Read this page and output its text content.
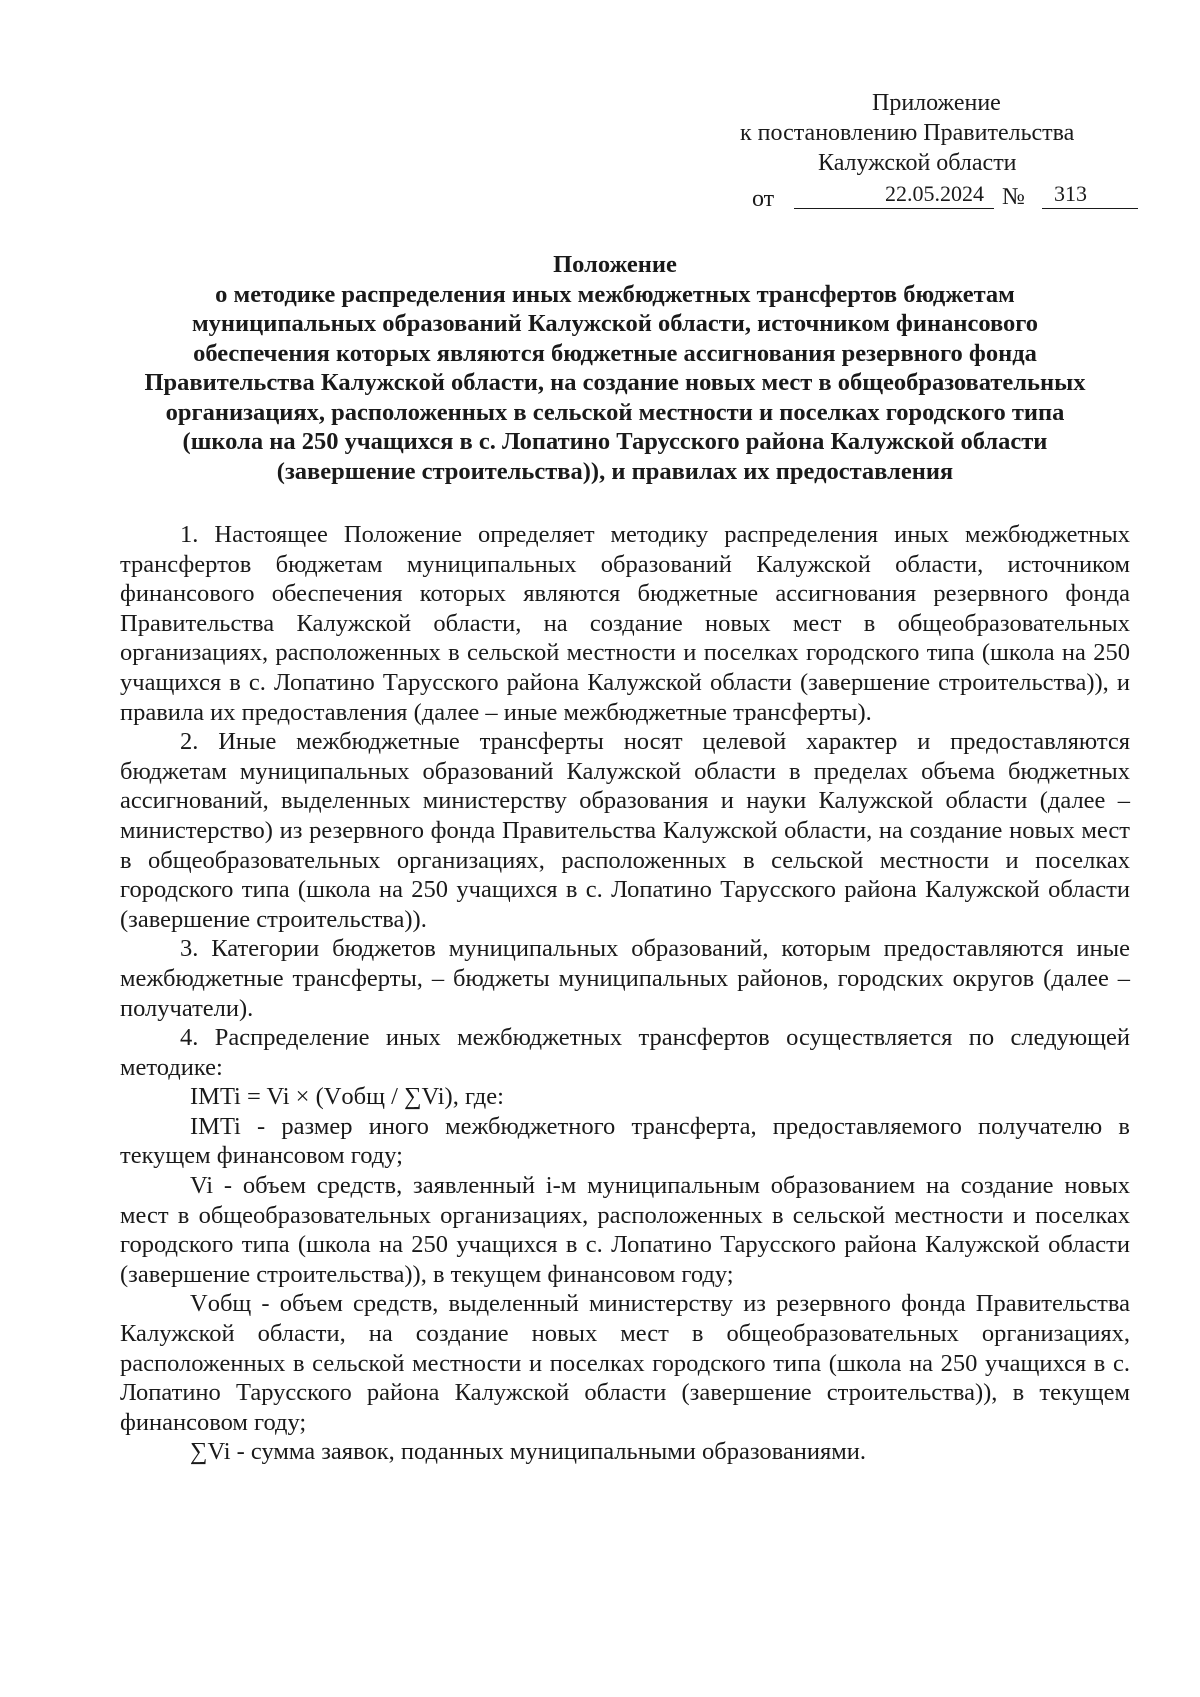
Приложение
к постановлению Правительства
Калужской области
от	22.05.2024 №	313
Положение
о методике распределения иных межбюджетных трансфертов бюджетам
муниципальных образований Калужской области, источником финансового
обеспечения которых являются бюджетные ассигнования резервного фонда
Правительства Калужской области, на создание новых мест в общеобразовательных
организациях, расположенных в сельской местности и поселках городского типа
(школа на 250 учащихся в с. Лопатино Тарусского района Калужской области
(завершение строительства)), и правилах их предоставления

1. Настоящее Положение определяет методику распределения иных межбюджетных трансфертов бюджетам муниципальных образований Калужской области, источником финансового обеспечения которых являются бюджетные ассигнования резервного фонда Правительства Калужской области, на создание новых мест в общеобразовательных организациях, расположенных в сельской местности и поселках городского типа (школа на 250 учащихся в с. Лопатино Тарусского района Калужской области (завершение строительства)), и правила их предоставления (далее – иные межбюджетные трансферты).

2. Иные межбюджетные трансферты носят целевой характер и предоставляются бюджетам муниципальных образований Калужской области в пределах объема бюджетных ассигнований, выделенных министерству образования и науки Калужской области (далее – министерство) из резервного фонда Правительства Калужской области, на создание новых мест в общеобразовательных организациях, расположенных в сельской местности и поселках городского типа (школа на 250 учащихся в с. Лопатино Тарусского района Калужской области (завершение строительства)).

3. Категории бюджетов муниципальных образований, которым предоставляются иные межбюджетные трансферты, – бюджеты муниципальных районов, городских округов (далее – получатели).

4. Распределение иных межбюджетных трансфертов осуществляется по следующей методике:

IMTi = Vi × (Vобщ / ∑Vi), где:

IMTi - размер иного межбюджетного трансферта, предоставляемого получателю в текущем финансовом году;

Vi - объем средств, заявленный i-м муниципальным образованием на создание новых мест в общеобразовательных организациях, расположенных в сельской местности и поселках городского типа (школа на 250 учащихся в с. Лопатино Тарусского района Калужской области (завершение строительства)), в текущем финансовом году;

Vобщ - объем средств, выделенный министерству из резервного фонда Правительства Калужской области, на создание новых мест в общеобразовательных организациях, расположенных в сельской местности и поселках городского типа (школа на 250 учащихся в с. Лопатино Тарусского района Калужской области (завершение строительства)), в текущем финансовом году;

∑Vi - сумма заявок, поданных муниципальными образованиями.
